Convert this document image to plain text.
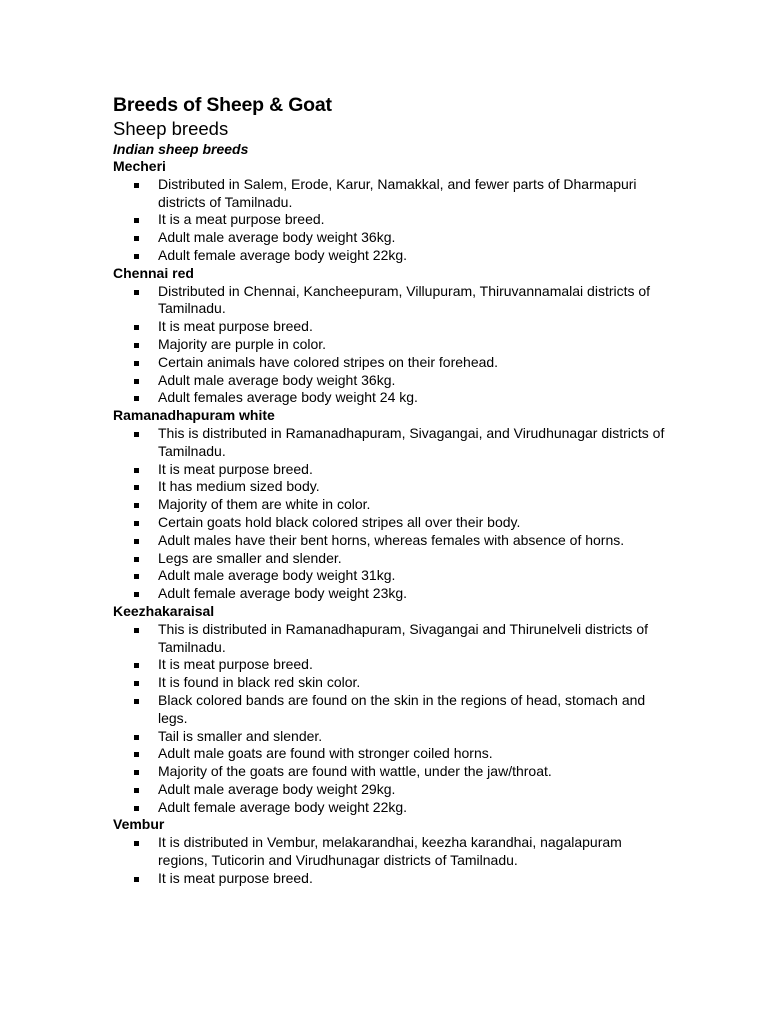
Breeds of Sheep & Goat
Sheep breeds
Indian sheep breeds
Mecheri
Distributed in Salem, Erode, Karur, Namakkal, and fewer parts of Dharmapuri districts of Tamilnadu.
It is a meat purpose breed.
Adult male average body weight 36kg.
Adult female average body weight 22kg.
Chennai red
Distributed in Chennai, Kancheepuram, Villupuram, Thiruvannamalai districts of Tamilnadu.
It is meat purpose breed.
Majority are purple in color.
Certain animals have colored stripes on their forehead.
Adult male average body weight 36kg.
Adult females average body weight 24 kg.
Ramanadhapuram white
This is distributed in Ramanadhapuram, Sivagangai, and Virudhunagar districts of Tamilnadu.
It is meat purpose breed.
It has medium sized body.
Majority of them are white in color.
Certain goats hold black colored stripes all over their body.
Adult males have their bent horns, whereas females with absence of horns.
Legs are smaller and slender.
Adult male average body weight 31kg.
Adult female average body weight 23kg.
Keezhakaraisal
This is distributed in Ramanadhapuram, Sivagangai and Thirunelveli districts of Tamilnadu.
It is meat purpose breed.
It is found in black red skin color.
Black colored bands are found on the skin in the regions of head, stomach and legs.
Tail is smaller and slender.
Adult male goats are found with stronger coiled horns.
Majority of the goats are found with wattle, under the jaw/throat.
Adult male average body weight 29kg.
Adult female average body weight 22kg.
Vembur
It is distributed in Vembur, melakarandhai, keezha karandhai, nagalapuram regions, Tuticorin and Virudhunagar districts of Tamilnadu.
It is meat purpose breed.
